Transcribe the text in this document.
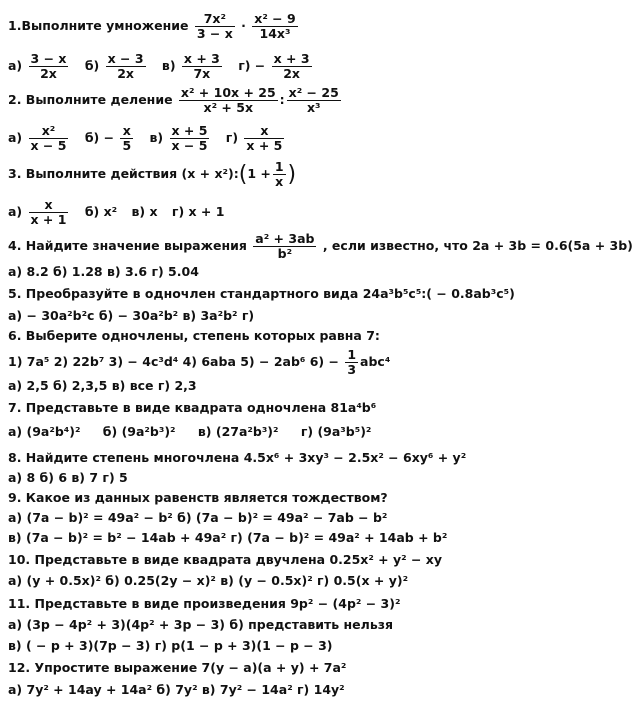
1.Выполните умножение $\frac{\text{7x²}}{3 - x} \cdot \frac{\text{x² − 9}}{\text{14x³}}$
$а) \frac{3 - x}{2x} б) \frac{x - 3}{2x} в) \frac{x + 3}{7x} г) - \frac{x + 3}{2x}$
2. Выполните деление $\frac{\text{x² + 10x + 25}}{\text{x² + 5x}}$ : $\frac{\text{x² − 25}}{\text{x³}}$
$а) \frac{\text{x²}}{x - 5} б) - \frac{x}{5} в) \frac{x + 5}{x - 5} г) \frac{x}{x + 5}$
3. Выполните действия (x + x²):(1 + $\frac{1}{x}$ )
$а) \frac{x}{x + 1} б$) x² в) x г) x + 1
4. Найдите значение выражения $\frac{\text{a² + 3ab}}{\text{b²}}$ , если известно, что 2a + 3b = 0.6(5a + 3b)
а) 8.2 б) 1.28 в) 3.6 г) 5.04
5. Преобразуйте в одночлен стандартного вида 24a³b⁵c⁵:( − 0.8ab³c⁵)
а) − 30a²b²c б) − 30a²b² в) 3a²b² г)
6. Выберите одночлены, степень которых равна 7:
1) 7a⁵ 2) 22b⁷ 3) − 4c³d⁴ 4) 6aba 5) − 2ab⁶ $6) - \frac{1}{3} abc^4$
а) 2,5 б) 2,3,5 в) все г) 2,3
7. Представьте в виде квадрата одночлена 81a⁴b⁶
а) (9a²b⁴)² б) (9a²b³)² в) (27a²b³)² г) (9a³b⁵)²
8. Найдите степень многочлена 4.5x⁶ + 3xy³ − 2.5x² − 6xy⁶ + y²
а) 8 б) 6 в) 7 г) 5
9. Какое из данных равенств является тождеством?
а) (7a − b)² = 49a² − b² б) (7a − b)² = 49a² − 7ab − b²
в) (7a − b)² = b² − 14ab + 49a² г) (7a − b)² = 49a² + 14ab + b²
10. Представьте в виде квадрата двучлена 0.25x² + y² − xy
а) (y + 0.5x)² б) 0.25(2y − x)² в) (y − 0.5x)² г) 0.5(x + y)²
11. Представьте в виде произведения 9p² − (4p² − 3)²
а) (3p − 4p² + 3)(4p² + 3p − 3) б) представить нельзя
в) ( − p + 3)(7p − 3) г) p(1 − p + 3)(1 − p − 3)
12. Упростите выражение 7(y − a)(a + y) + 7a²
а) 7y² + 14ay + 14a² б) 7y² в) 7y² − 14a² г) 14y²
